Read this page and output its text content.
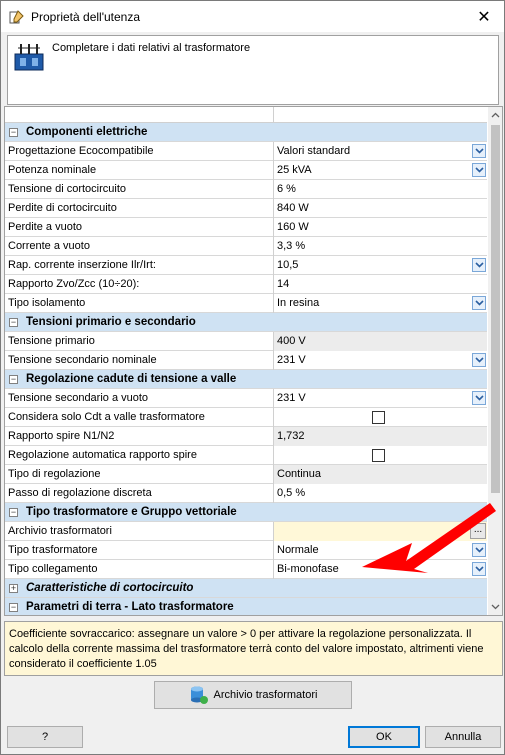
Proprietà dell'utenza	✕
Completare i dati relativi al trasformatore
− Componenti elettriche
Progettazione Ecocompatibile	Valori standard
Potenza nominale	25 kVA
Tensione di cortocircuito	6 %
Perdite di cortocircuito	840 W
Perdite a vuoto	160 W
Corrente a vuoto	3,3 %
Rap. corrente inserzione Ilr/Irt:	10,5
Rapporto Zvo/Zcc (10÷20):	14
Tipo isolamento	In resina
− Tensioni primario e secondario
Tensione primario	400 V
Tensione secondario nominale	231 V
− Regolazione cadute di tensione a valle
Tensione secondario a vuoto	231 V
Considera solo Cdt a valle trasformatore
Rapporto spire N1/N2	1,732
Regolazione automatica rapporto spire
Tipo di regolazione	Continua
Passo di regolazione discreta	0,5 %
− Tipo trasformatore e Gruppo vettoriale
Archivio trasformatori	...
Tipo trasformatore	Normale
Tipo collegamento	Bi-monofase
+ Caratteristiche di cortocircuito
− Parametri di terra - Lato trasformatore
Coefficiente sovraccarico: assegnare un valore > 0 per attivare la regolazione personalizzata. Il calcolo della corrente massima del trasformatore terrà conto del valore impostato, altrimenti viene considerato il coefficiente 1.05
Archivio trasformatori
?	OK	Annulla
